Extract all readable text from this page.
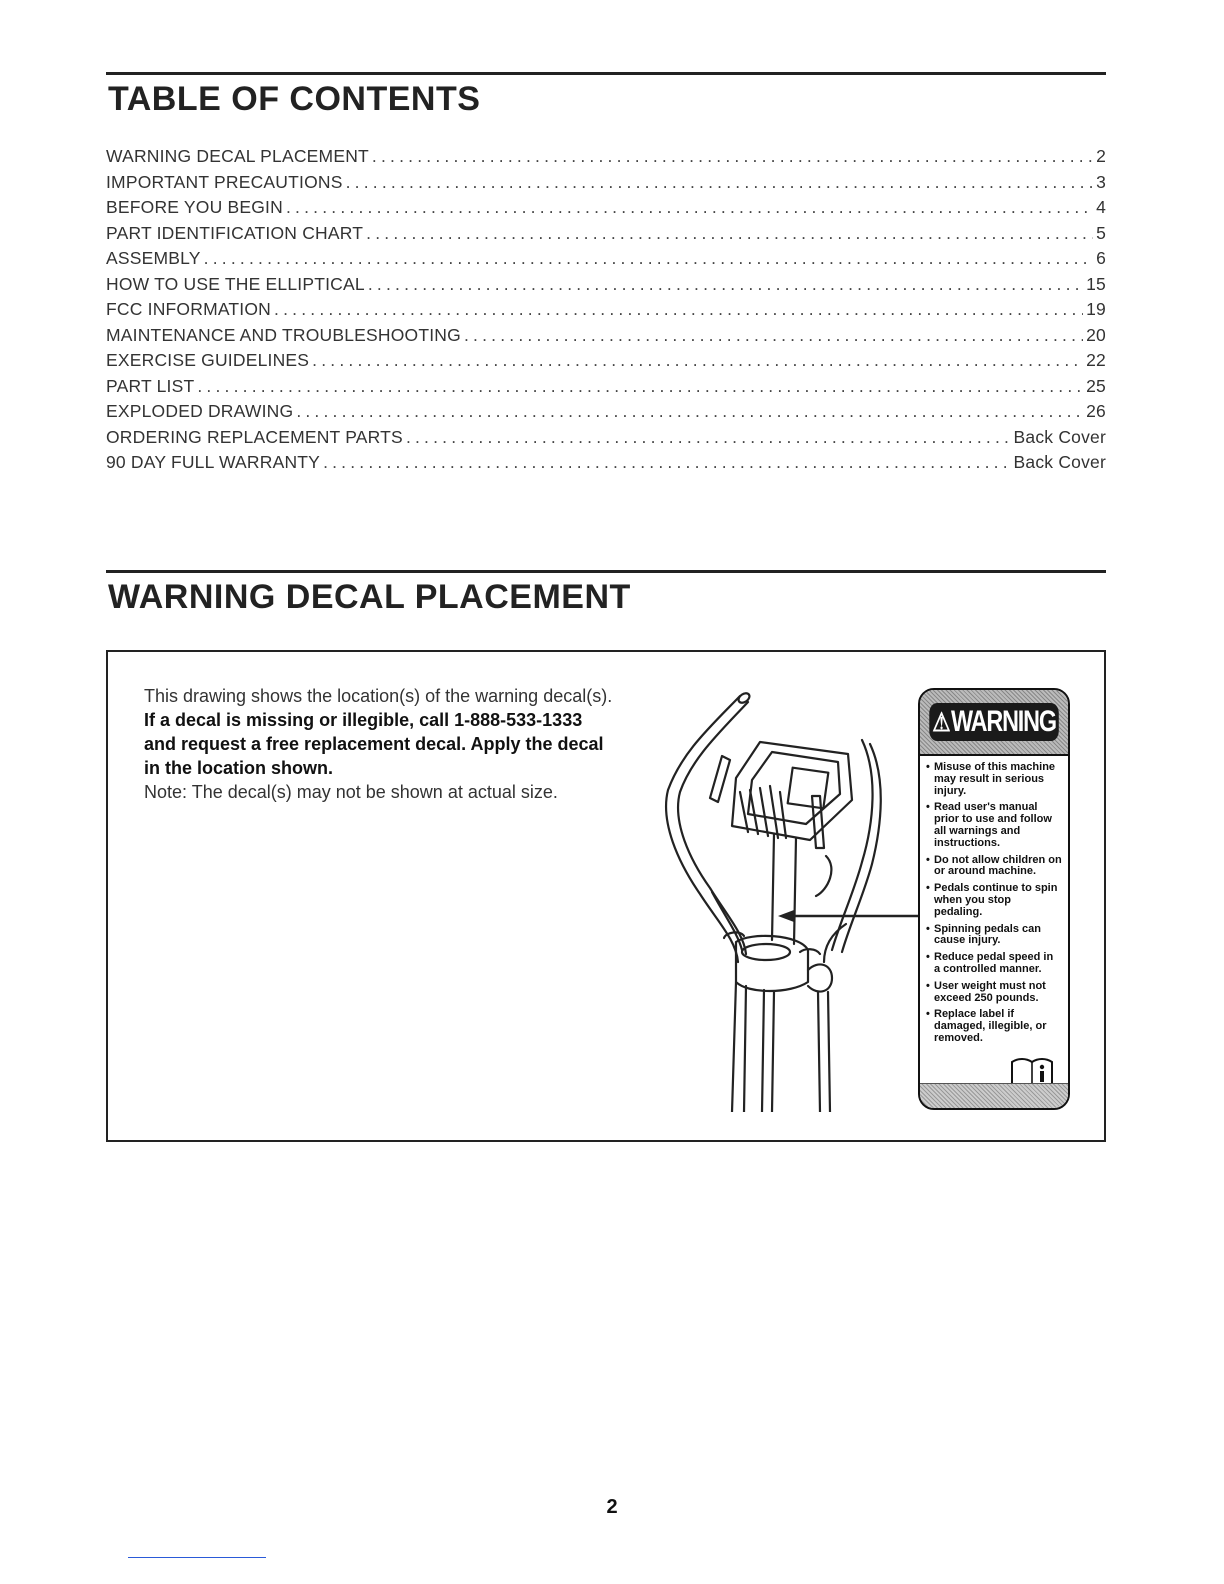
TABLE OF CONTENTS
WARNING DECAL PLACEMENT .....	2
IMPORTANT PRECAUTIONS .....	3
BEFORE YOU BEGIN .....	4
PART IDENTIFICATION CHART .....	5
ASSEMBLY .....	6
HOW TO USE THE ELLIPTICAL .....	15
FCC INFORMATION .....	19
MAINTENANCE AND TROUBLESHOOTING .....	20
EXERCISE GUIDELINES .....	22
PART LIST .....	25
EXPLODED DRAWING .....	26
ORDERING REPLACEMENT PARTS .....	Back Cover
90 DAY FULL WARRANTY .....	Back Cover
WARNING DECAL PLACEMENT

This drawing shows the location(s) of the warning decal(s). If a decal is missing or illegible, call 1-888-533-1333 and request a free replacement decal. Apply the decal in the location shown.

Note: The decal(s) may not be shown at actual size.

⚠ WARNING
• Misuse of this machine may result in serious injury.
• Read user's manual prior to use and follow all warnings and instructions.
• Do not allow children on or around machine.
• Pedals continue to spin when you stop pedaling.
• Spinning pedals can cause injury.
• Reduce pedal speed in a controlled manner.
• User weight must not exceed 250 pounds.
• Replace label if damaged, illegible, or removed.
2
